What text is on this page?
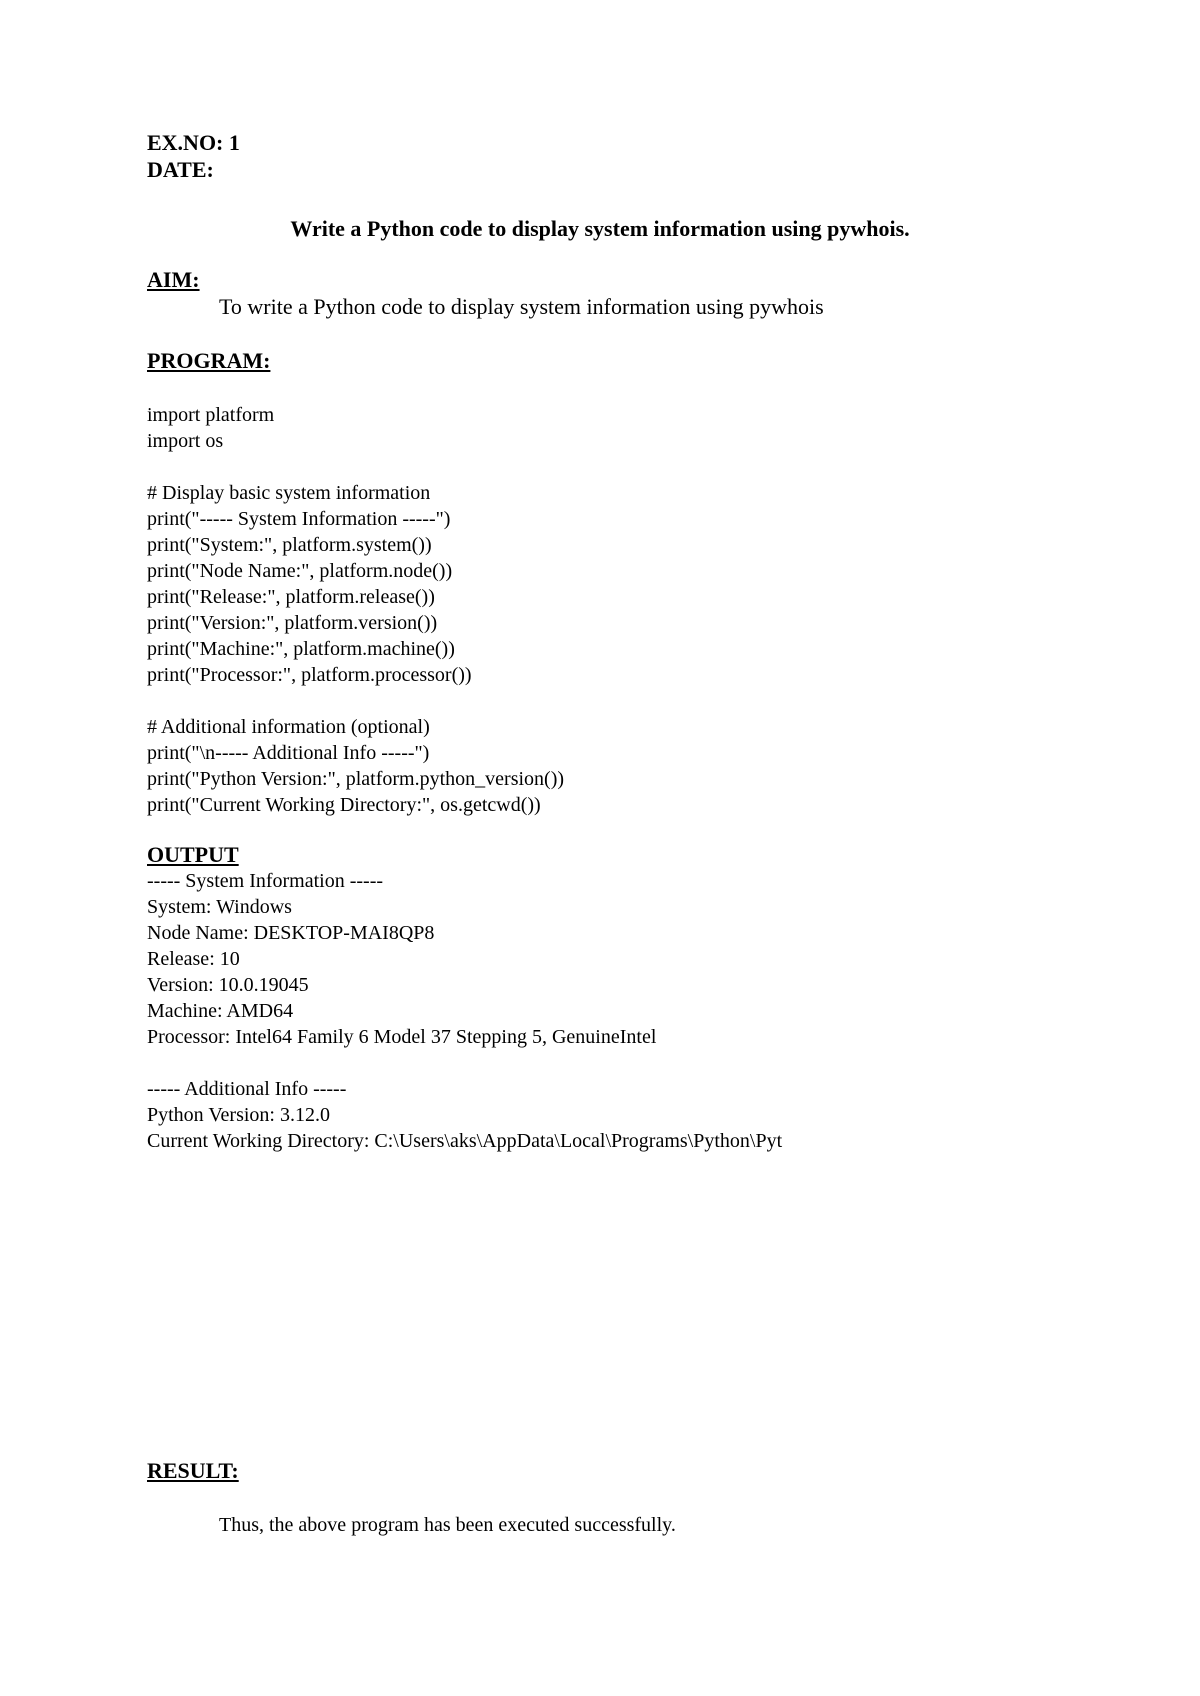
EX.NO: 1
DATE:
Write a Python code to display system information using pywhois.
AIM:
To write a Python code to display system information using pywhois
PROGRAM:
import platform
import os
# Display basic system information
print("----- System Information -----")
print("System:", platform.system())
print("Node Name:", platform.node())
print("Release:", platform.release())
print("Version:", platform.version())
print("Machine:", platform.machine())
print("Processor:", platform.processor())
# Additional information (optional)
print("\n----- Additional Info -----")
print("Python Version:", platform.python_version())
print("Current Working Directory:", os.getcwd())
OUTPUT
----- System Information -----
System: Windows
Node Name: DESKTOP-MAI8QP8
Release: 10
Version: 10.0.19045
Machine: AMD64
Processor: Intel64 Family 6 Model 37 Stepping 5, GenuineIntel
----- Additional Info -----
Python Version: 3.12.0
Current Working Directory: C:\Users\aks\AppData\Local\Programs\Python\Pyt
RESULT:
Thus, the above program has been executed successfully.
